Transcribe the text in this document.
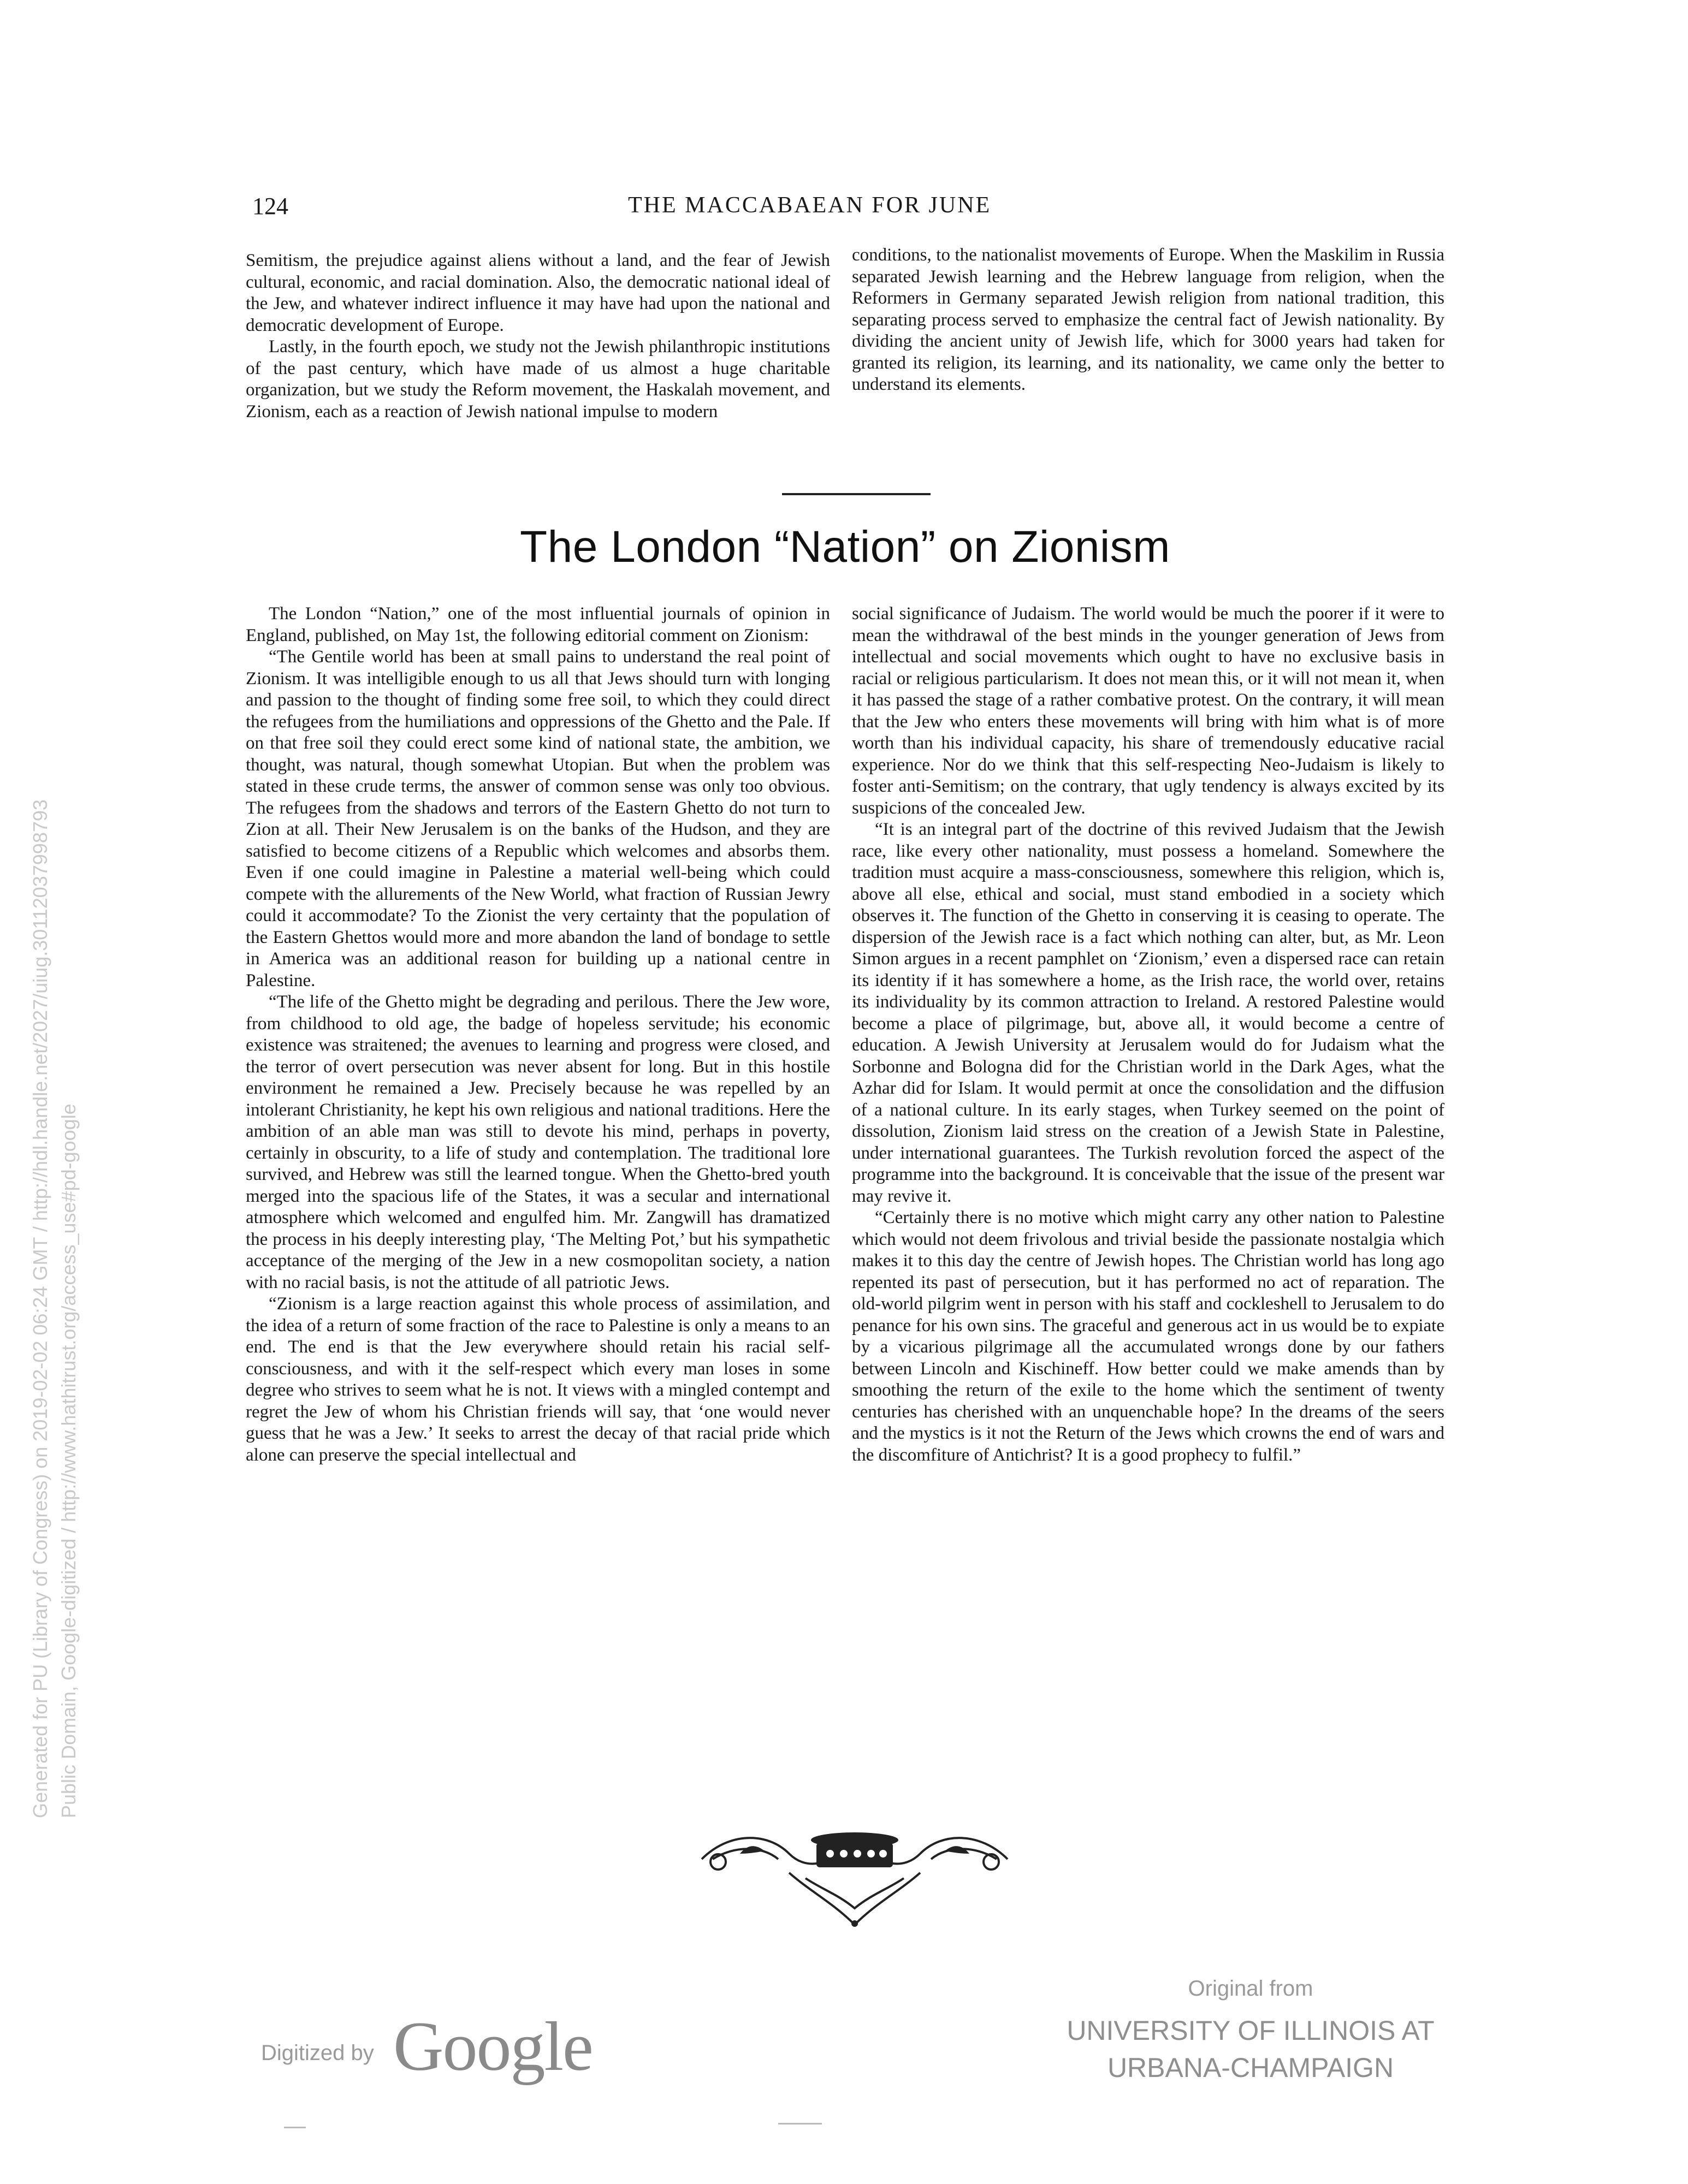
124	THE MACCABAEAN FOR JUNE

Semitism, the prejudice against aliens without a land, and the fear of Jewish cultural, economic, and racial domination. Also, the democratic national ideal of the Jew, and whatever indirect influence it may have had upon the national and democratic development of Europe.

Lastly, in the fourth epoch, we study not the Jewish philanthropic institutions of the past century, which have made of us almost a huge charitable organization, but we study the Reform movement, the Haskalah movement, and Zionism, each as a reaction of Jewish national impulse to modern

conditions, to the nationalist movements of Europe. When the Maskilim in Russia separated Jewish learning and the Hebrew language from religion, when the Reformers in Germany separated Jewish religion from national tradition, this separating process served to emphasize the central fact of Jewish nationality. By dividing the ancient unity of Jewish life, which for 3000 years had taken for granted its religion, its learning, and its nationality, we came only the better to understand its elements.

The London “Nation” on Zionism

The London “Nation,” one of the most influential journals of opinion in England, published, on May 1st, the following editorial comment on Zionism:

“The Gentile world has been at small pains to understand the real point of Zionism. It was intelligible enough to us all that Jews should turn with longing and passion to the thought of finding some free soil, to which they could direct the refugees from the humiliations and oppressions of the Ghetto and the Pale. If on that free soil they could erect some kind of national state, the ambition, we thought, was natural, though somewhat Utopian. But when the problem was stated in these crude terms, the answer of common sense was only too obvious. The refugees from the shadows and terrors of the Eastern Ghetto do not turn to Zion at all. Their New Jerusalem is on the banks of the Hudson, and they are satisfied to become citizens of a Republic which welcomes and absorbs them. Even if one could imagine in Palestine a material well-being which could compete with the allurements of the New World, what fraction of Russian Jewry could it accommodate? To the Zionist the very certainty that the population of the Eastern Ghettos would more and more abandon the land of bondage to settle in America was an additional reason for building up a national centre in Palestine.

“The life of the Ghetto might be degrading and perilous. There the Jew wore, from childhood to old age, the badge of hopeless servitude; his economic existence was straitened; the avenues to learning and progress were closed, and the terror of overt persecution was never absent for long. But in this hostile environment he remained a Jew. Precisely because he was repelled by an intolerant Christianity, he kept his own religious and national traditions. Here the ambition of an able man was still to devote his mind, perhaps in poverty, certainly in obscurity, to a life of study and contemplation. The traditional lore survived, and Hebrew was still the learned tongue. When the Ghetto-bred youth merged into the spacious life of the States, it was a secular and international atmosphere which welcomed and engulfed him. Mr. Zangwill has dramatized the process in his deeply interesting play, ‘The Melting Pot,’ but his sympathetic acceptance of the merging of the Jew in a new cosmopolitan society, a nation with no racial basis, is not the attitude of all patriotic Jews.

“Zionism is a large reaction against this whole process of assimilation, and the idea of a return of some fraction of the race to Palestine is only a means to an end. The end is that the Jew everywhere should retain his racial self-consciousness, and with it the self-respect which every man loses in some degree who strives to seem what he is not. It views with a mingled contempt and regret the Jew of whom his Christian friends will say, that ‘one would never guess that he was a Jew.’ It seeks to arrest the decay of that racial pride which alone can preserve the special intellectual and

social significance of Judaism. The world would be much the poorer if it were to mean the withdrawal of the best minds in the younger generation of Jews from intellectual and social movements which ought to have no exclusive basis in racial or religious particularism. It does not mean this, or it will not mean it, when it has passed the stage of a rather combative protest. On the contrary, it will mean that the Jew who enters these movements will bring with him what is of more worth than his individual capacity, his share of tremendously educative racial experience. Nor do we think that this self-respecting Neo-Judaism is likely to foster anti-Semitism; on the contrary, that ugly tendency is always excited by its suspicions of the concealed Jew.

“It is an integral part of the doctrine of this revived Judaism that the Jewish race, like every other nationality, must possess a homeland. Somewhere the tradition must acquire a mass-consciousness, somewhere this religion, which is, above all else, ethical and social, must stand embodied in a society which observes it. The function of the Ghetto in conserving it is ceasing to operate. The dispersion of the Jewish race is a fact which nothing can alter, but, as Mr. Leon Simon argues in a recent pamphlet on ‘Zionism,’ even a dispersed race can retain its identity if it has somewhere a home, as the Irish race, the world over, retains its individuality by its common attraction to Ireland. A restored Palestine would become a place of pilgrimage, but, above all, it would become a centre of education. A Jewish University at Jerusalem would do for Judaism what the Sorbonne and Bologna did for the Christian world in the Dark Ages, what the Azhar did for Islam. It would permit at once the consolidation and the diffusion of a national culture. In its early stages, when Turkey seemed on the point of dissolution, Zionism laid stress on the creation of a Jewish State in Palestine, under international guarantees. The Turkish revolution forced the aspect of the programme into the background. It is conceivable that the issue of the present war may revive it.

“Certainly there is no motive which might carry any other nation to Palestine which would not deem frivolous and trivial beside the passionate nostalgia which makes it to this day the centre of Jewish hopes. The Christian world has long ago repented its past of persecution, but it has performed no act of reparation. The old-world pilgrim went in person with his staff and cockleshell to Jerusalem to do penance for his own sins. The graceful and generous act in us would be to expiate by a vicarious pilgrimage all the accumulated wrongs done by our fathers between Lincoln and Kischineff. How better could we make amends than by smoothing the return of the exile to the home which the sentiment of twenty centuries has cherished with an unquenchable hope? In the dreams of the seers and the mystics is it not the Return of the Jews which crowns the end of wars and the discomfiture of Antichrist? It is a good prophecy to fulfil.”

Generated for PU (Library of Congress) on 2019-02-02 06:24 GMT / http://hdl.handle.net/2027/uiug.30112037998793 Public Domain, Google-digitized / http://www.hathitrust.org/access_use#pd-google
Digitized by Google
Original from
UNIVERSITY OF ILLINOIS AT
URBANA-CHAMPAIGN
